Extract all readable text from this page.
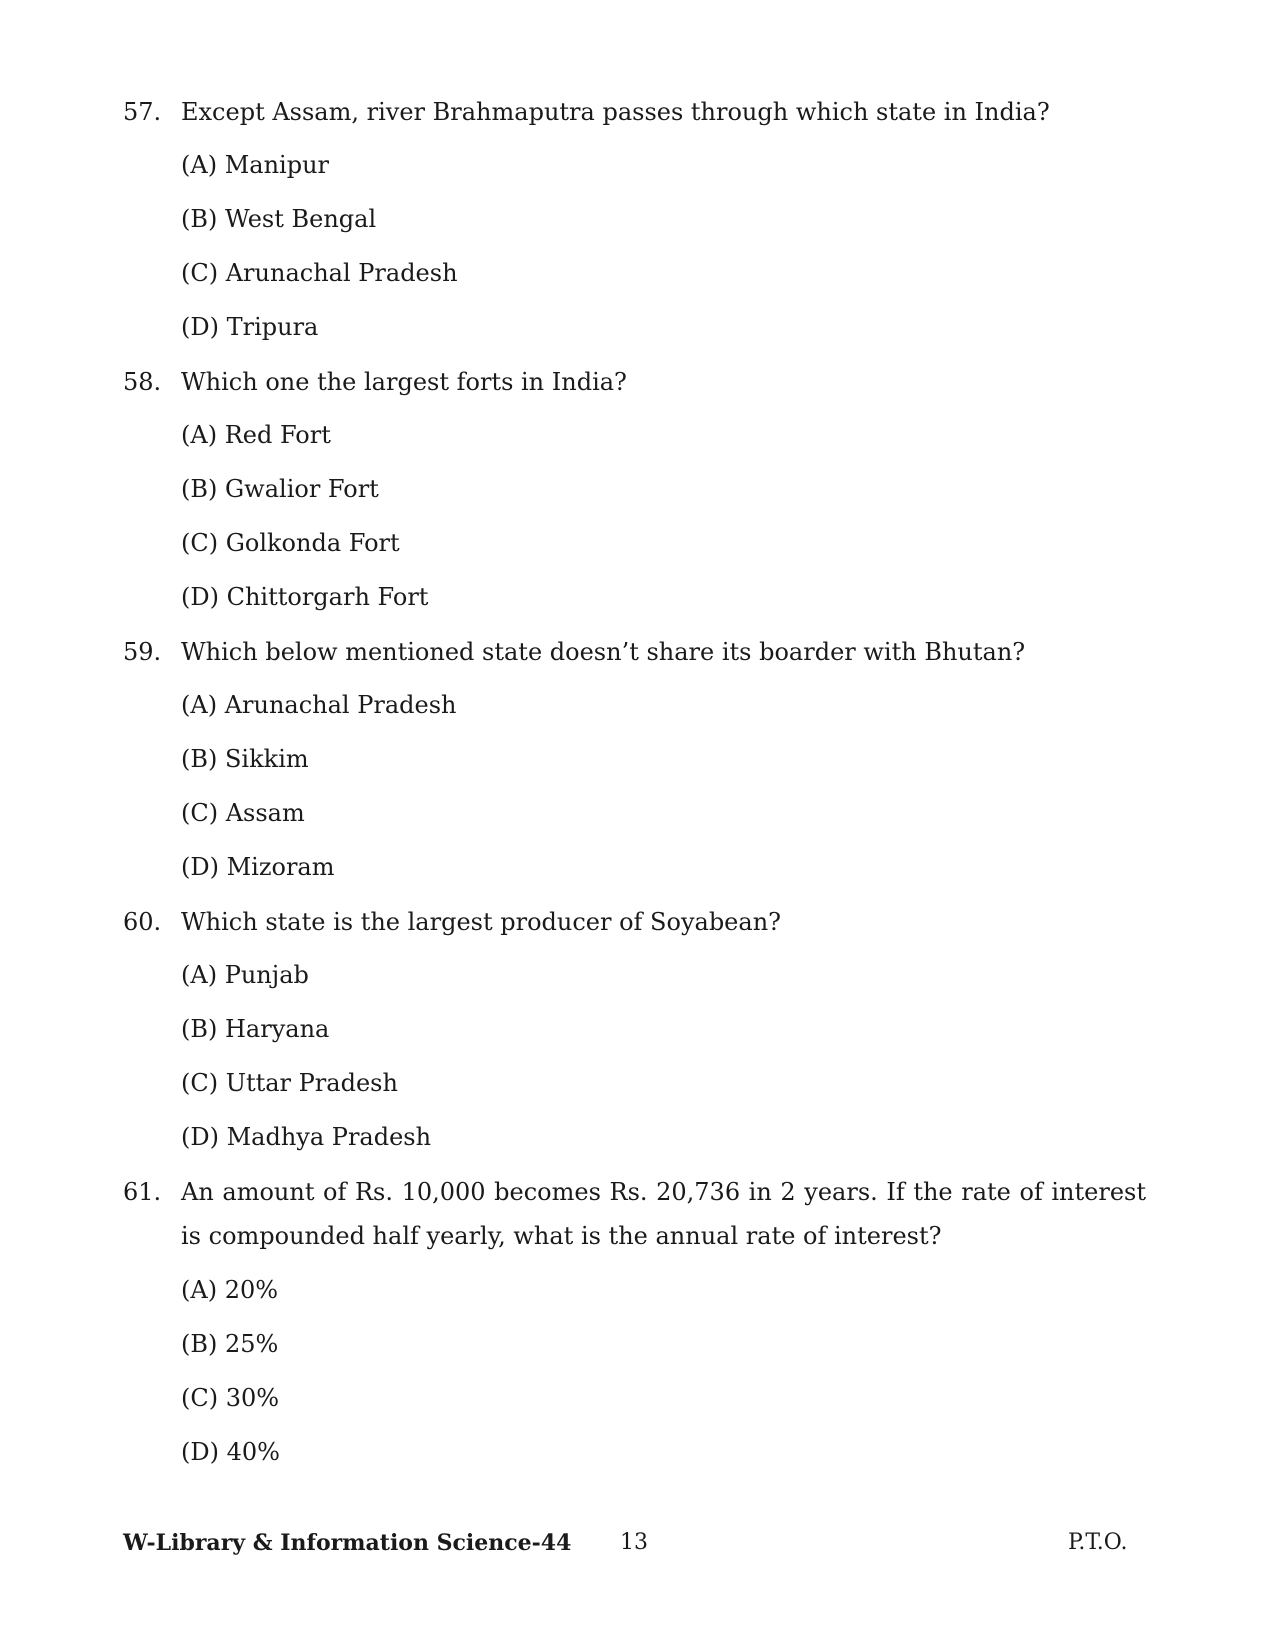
57. Except Assam, river Brahmaputra passes through which state in India?
(A) Manipur
(B) West Bengal
(C) Arunachal Pradesh
(D) Tripura
58. Which one the largest forts in India?
(A) Red Fort
(B) Gwalior Fort
(C) Golkonda Fort
(D) Chittorgarh Fort
59. Which below mentioned state doesn’t share its boarder with Bhutan?
(A) Arunachal Pradesh
(B) Sikkim
(C) Assam
(D) Mizoram
60. Which state is the largest producer of Soyabean?
(A) Punjab
(B) Haryana
(C) Uttar Pradesh
(D) Madhya Pradesh
61. An amount of Rs. 10,000 becomes Rs. 20,736 in 2 years. If the rate of interest is compounded half yearly, what is the annual rate of interest?
(A) 20%
(B) 25%
(C) 30%
(D) 40%
W-Library & Information Science-44 13	P.T.O.
